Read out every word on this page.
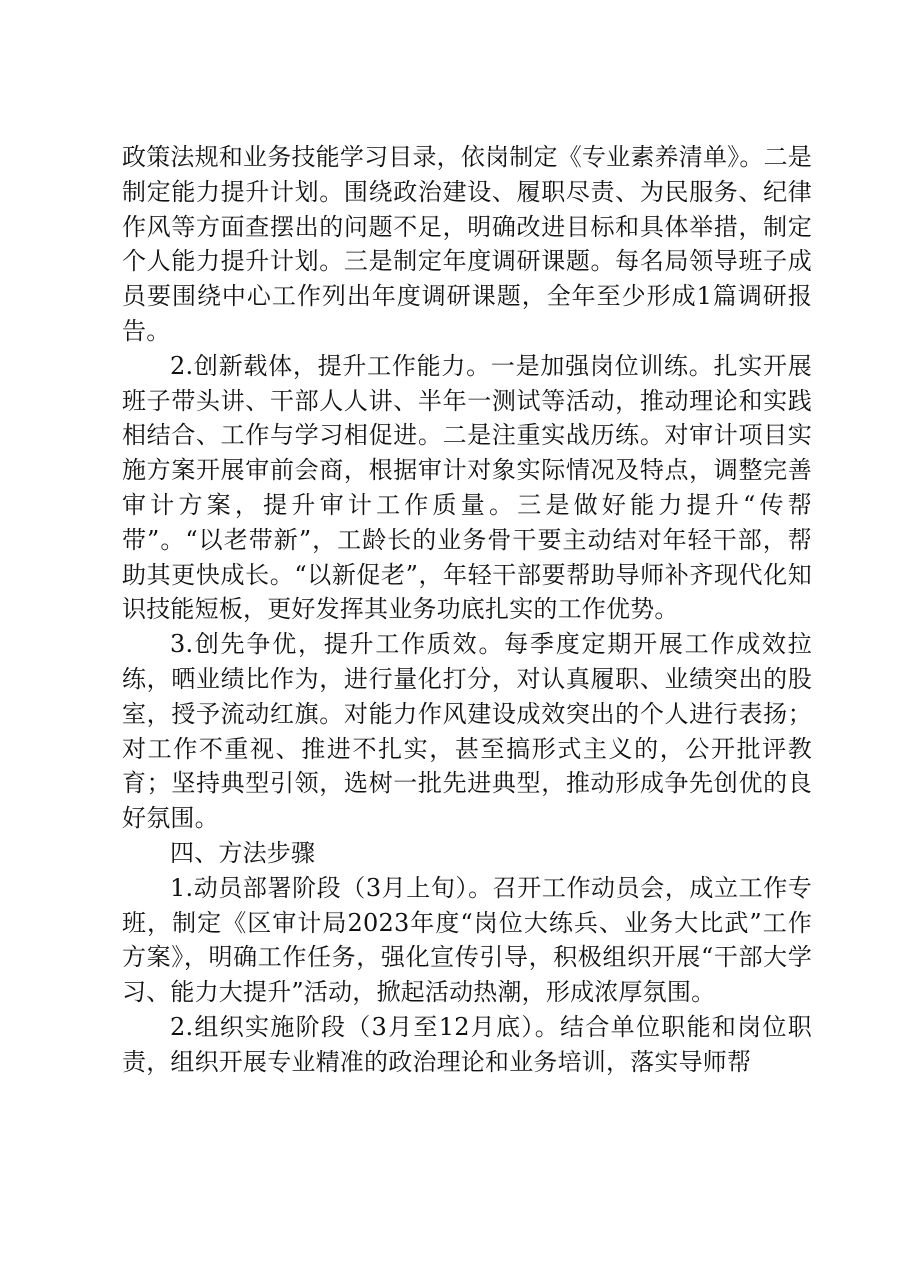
政策法规和业务技能学习目录，依岗制定《专业素养清单》。二是制定能力提升计划。围绕政治建设、履职尽责、为民服务、纪律作风等方面查摆出的问题不足，明确改进目标和具体举措，制定个人能力提升计划。三是制定年度调研课题。每名局领导班子成员要围绕中心工作列出年度调研课题，全年至少形成1篇调研报告。

2.创新载体，提升工作能力。一是加强岗位训练。扎实开展班子带头讲、干部人人讲、半年一测试等活动，推动理论和实践相结合、工作与学习相促进。二是注重实战历练。对审计项目实施方案开展审前会商，根据审计对象实际情况及特点，调整完善审计方案，提升审计工作质量。三是做好能力提升“传帮带”。“以老带新”，工龄长的业务骨干要主动结对年轻干部，帮助其更快成长。“以新促老”，年轻干部要帮助导师补齐现代化知识技能短板，更好发挥其业务功底扎实的工作优势。

3.创先争优，提升工作质效。每季度定期开展工作成效拉练，晒业绩比作为，进行量化打分，对认真履职、业绩突出的股室，授予流动红旗。对能力作风建设成效突出的个人进行表扬；对工作不重视、推进不扎实，甚至搞形式主义的，公开批评教育；坚持典型引领，选树一批先进典型，推动形成争先创优的良好氛围。

四、方法步骤

1.动员部署阶段（3月上旬）。召开工作动员会，成立工作专班，制定《区审计局2023年度“岗位大练兵、业务大比武”工作方案》，明确工作任务，强化宣传引导，积极组织开展“干部大学习、能力大提升”活动，掀起活动热潮，形成浓厚氛围。

2.组织实施阶段（3月至12月底）。结合单位职能和岗位职责，组织开展专业精准的政治理论和业务培训，落实导师帮
